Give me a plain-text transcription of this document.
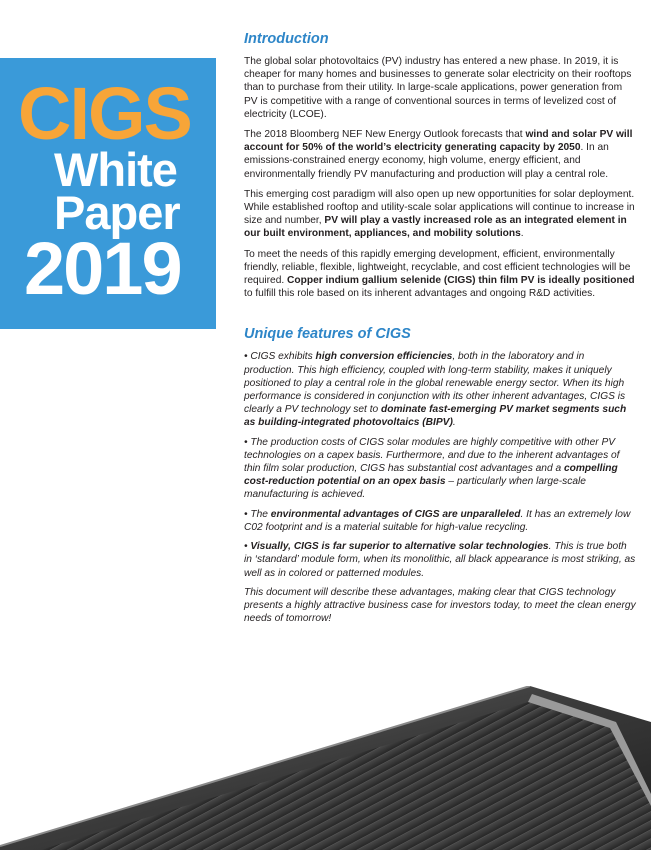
CIGS
White
Paper
2019
Introduction

The global solar photovoltaics (PV) industry has entered a new phase. In 2019, it is cheaper for many homes and businesses to generate solar electricity on their rooftops than to purchase from their utility. In large-scale applications, power generation from PV is competitive with a range of conventional sources in terms of levelized cost of electricity (LCOE).

The 2018 Bloomberg NEF New Energy Outlook forecasts that wind and solar PV will account for 50% of the world’s electricity generating capacity by 2050. In an emissions-constrained energy economy, high volume, energy efficient, and environmentally friendly PV manufacturing and production will play a central role.

This emerging cost paradigm will also open up new opportunities for solar deployment. While established rooftop and utility-scale solar applications will continue to increase in size and number, PV will play a vastly increased role as an integrated element in our built environment, appliances, and mobility solutions.

To meet the needs of this rapidly emerging development, efficient, environmentally friendly, reliable, flexible, lightweight, recyclable, and cost efficient technologies will be required. Copper indium gallium selenide (CIGS) thin film PV is ideally positioned to fulfill this role based on its inherent advantages and ongoing R&D activities.

Unique features of CIGS
• CIGS exhibits high conversion efficiencies, both in the laboratory and in production. This high efficiency, coupled with long-term stability, makes it uniquely positioned to play a central role in the global renewable energy sector. When its high performance is considered in conjunction with its other inherent advantages, CIGS is clearly a PV technology set to dominate fast-emerging PV market segments such as building-integrated photovoltaics (BIPV).
• The production costs of CIGS solar modules are highly competitive with other PV technologies on a capex basis. Furthermore, and due to the inherent advantages of thin film solar production, CIGS has substantial cost advantages and a compelling cost-reduction potential on an opex basis – particularly when large-scale manufacturing is achieved.
• The environmental advantages of CIGS are unparalleled. It has an extremely low C02 footprint and is a material suitable for high-value recycling.
• Visually, CIGS is far superior to alternative solar technologies. This is true both in ‘standard’ module form, when its monolithic, all black appearance is most striking, as well as in colored or patterned modules.

This document will describe these advantages, making clear that CIGS technology presents a highly attractive business case for investors today, to meet the clean energy needs of tomorrow!
